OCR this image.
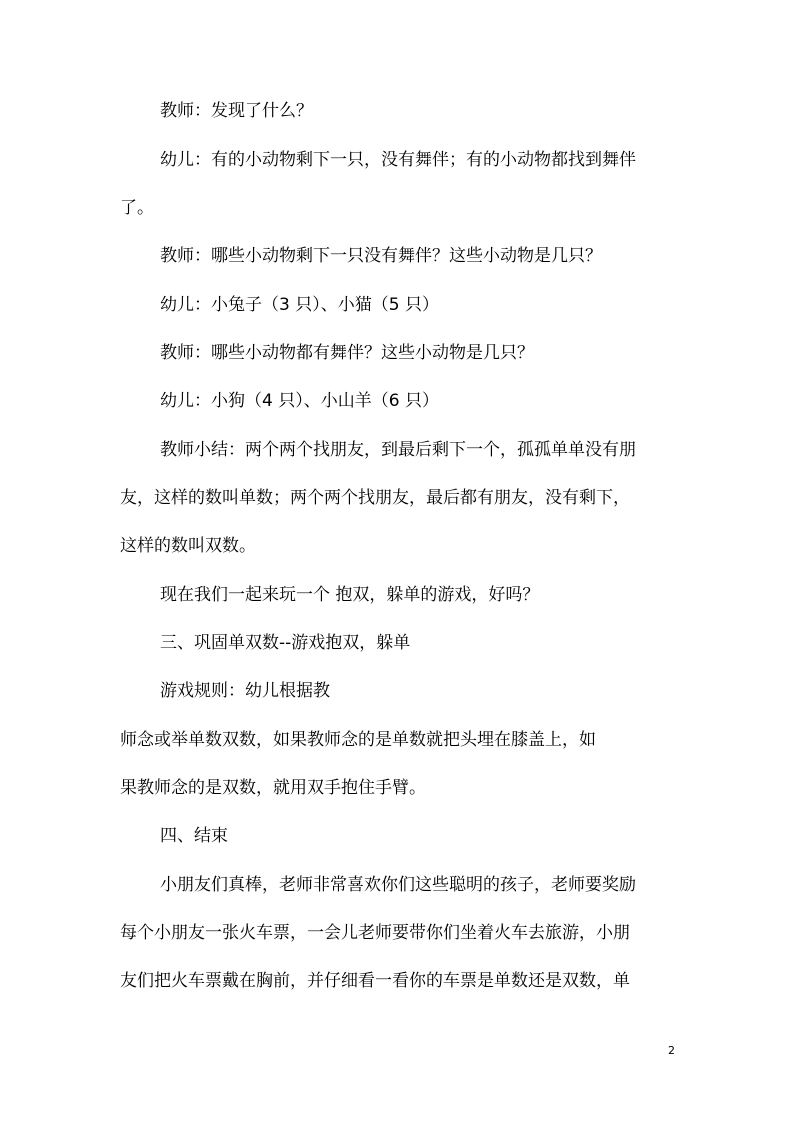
教师：发现了什么？
幼儿：有的小动物剩下一只，没有舞伴；有的小动物都找到舞伴
了。
教师：哪些小动物剩下一只没有舞伴？这些小动物是几只？
幼儿：小兔子（3 只）、小猫（5 只）
教师：哪些小动物都有舞伴？这些小动物是几只？
幼儿：小狗（4 只）、小山羊（6 只）
教师小结：两个两个找朋友，到最后剩下一个，孤孤单单没有朋
友，这样的数叫单数；两个两个找朋友，最后都有朋友，没有剩下，
这样的数叫双数。
现在我们一起来玩一个 抱双，躲单的游戏，好吗？
三、巩固单双数--游戏抱双，躲单
游戏规则：幼儿根据教
师念或举单数双数，如果教师念的是单数就把头埋在膝盖上，如
果教师念的是双数，就用双手抱住手臂。
四、结束
小朋友们真棒，老师非常喜欢你们这些聪明的孩子，老师要奖励
每个小朋友一张火车票，一会儿老师要带你们坐着火车去旅游，小朋
友们把火车票戴在胸前，并仔细看一看你的车票是单数还是双数，单
2
